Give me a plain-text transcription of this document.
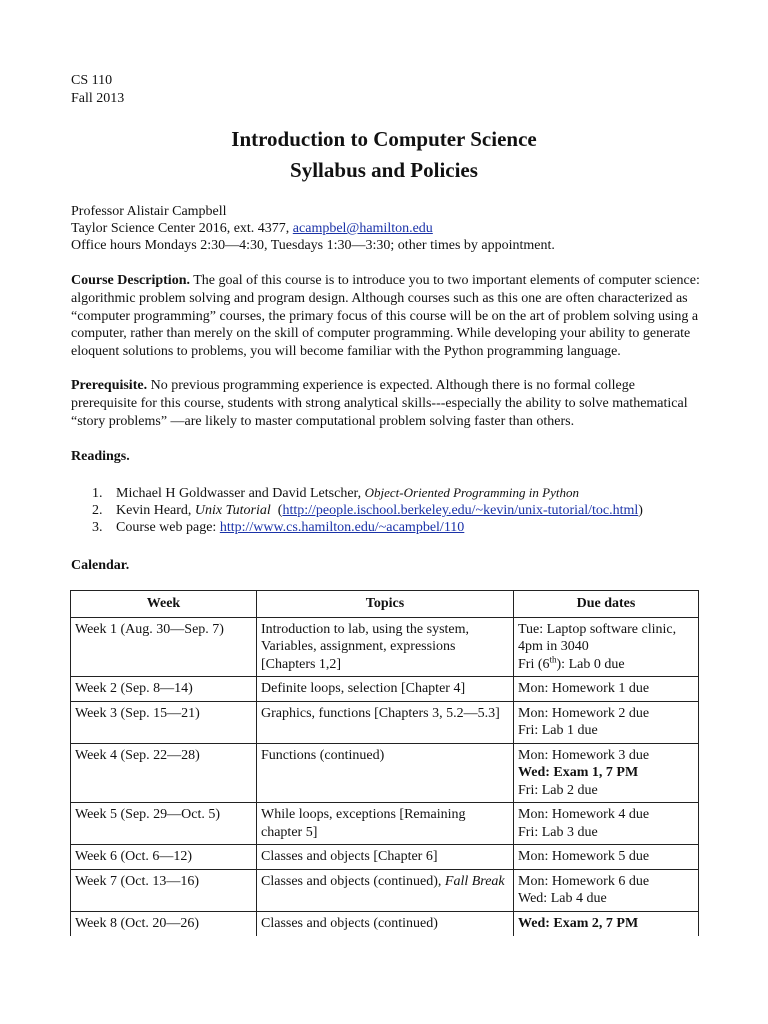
CS 110
Fall 2013
Introduction to Computer Science
Syllabus and Policies
Professor Alistair Campbell
Taylor Science Center 2016, ext. 4377, acampbel@hamilton.edu
Office hours Mondays 2:30—4:30, Tuesdays 1:30—3:30; other times by appointment.
Course Description. The goal of this course is to introduce you to two important elements of computer science:
algorithmic problem solving and program design. Although courses such as this one are often characterized as
“computer programming” courses, the primary focus of this course will be on the art of problem solving using a
computer, rather than merely on the skill of computer programming. While developing your ability to generate
eloquent solutions to problems, you will become familiar with the Python programming language.
Prerequisite. No previous programming experience is expected. Although there is no formal college
prerequisite for this course, students with strong analytical skills---especially the ability to solve mathematical
“story problems” —are likely to master computational problem solving faster than others.
Readings.
1. Michael H Goldwasser and David Letscher, Object-Oriented Programming in Python
2. Kevin Heard, Unix Tutorial  (http://people.ischool.berkeley.edu/~kevin/unix-tutorial/toc.html)
3. Course web page: http://www.cs.hamilton.edu/~acampbel/110
Calendar.
Week	Topics	Due dates
Week 1 (Aug. 30—Sep. 7)	Introduction to lab, using the system, Variables, assignment, expressions [Chapters 1,2]	Tue: Laptop software clinic, 4pm in 3040
Fri (6th): Lab 0 due

Week 2 (Sep. 8—14)	Definite loops, selection [Chapter 4]	Mon: Homework 1 due
Week 3 (Sep. 15—21)	Graphics, functions [Chapters 3, 5.2—5.3]	Mon: Homework 2 due
Fri: Lab 1 due

Week 4 (Sep. 22—28)	Functions (continued)	Mon: Homework 3 due
Wed: Exam 1, 7 PM
Fri: Lab 2 due

Week 5 (Sep. 29—Oct. 5)	While loops, exceptions [Remaining chapter 5]	Mon: Homework 4 due
Fri: Lab 3 due

Week 6 (Oct. 6—12)	Classes and objects [Chapter 6]	Mon: Homework 5 due
Week 7 (Oct. 13—16)	Classes and objects (continued), Fall Break	Mon: Homework 6 due
Wed: Lab 4 due

Week 8 (Oct. 20—26)	Classes and objects (continued)	Wed: Exam 2, 7 PM
